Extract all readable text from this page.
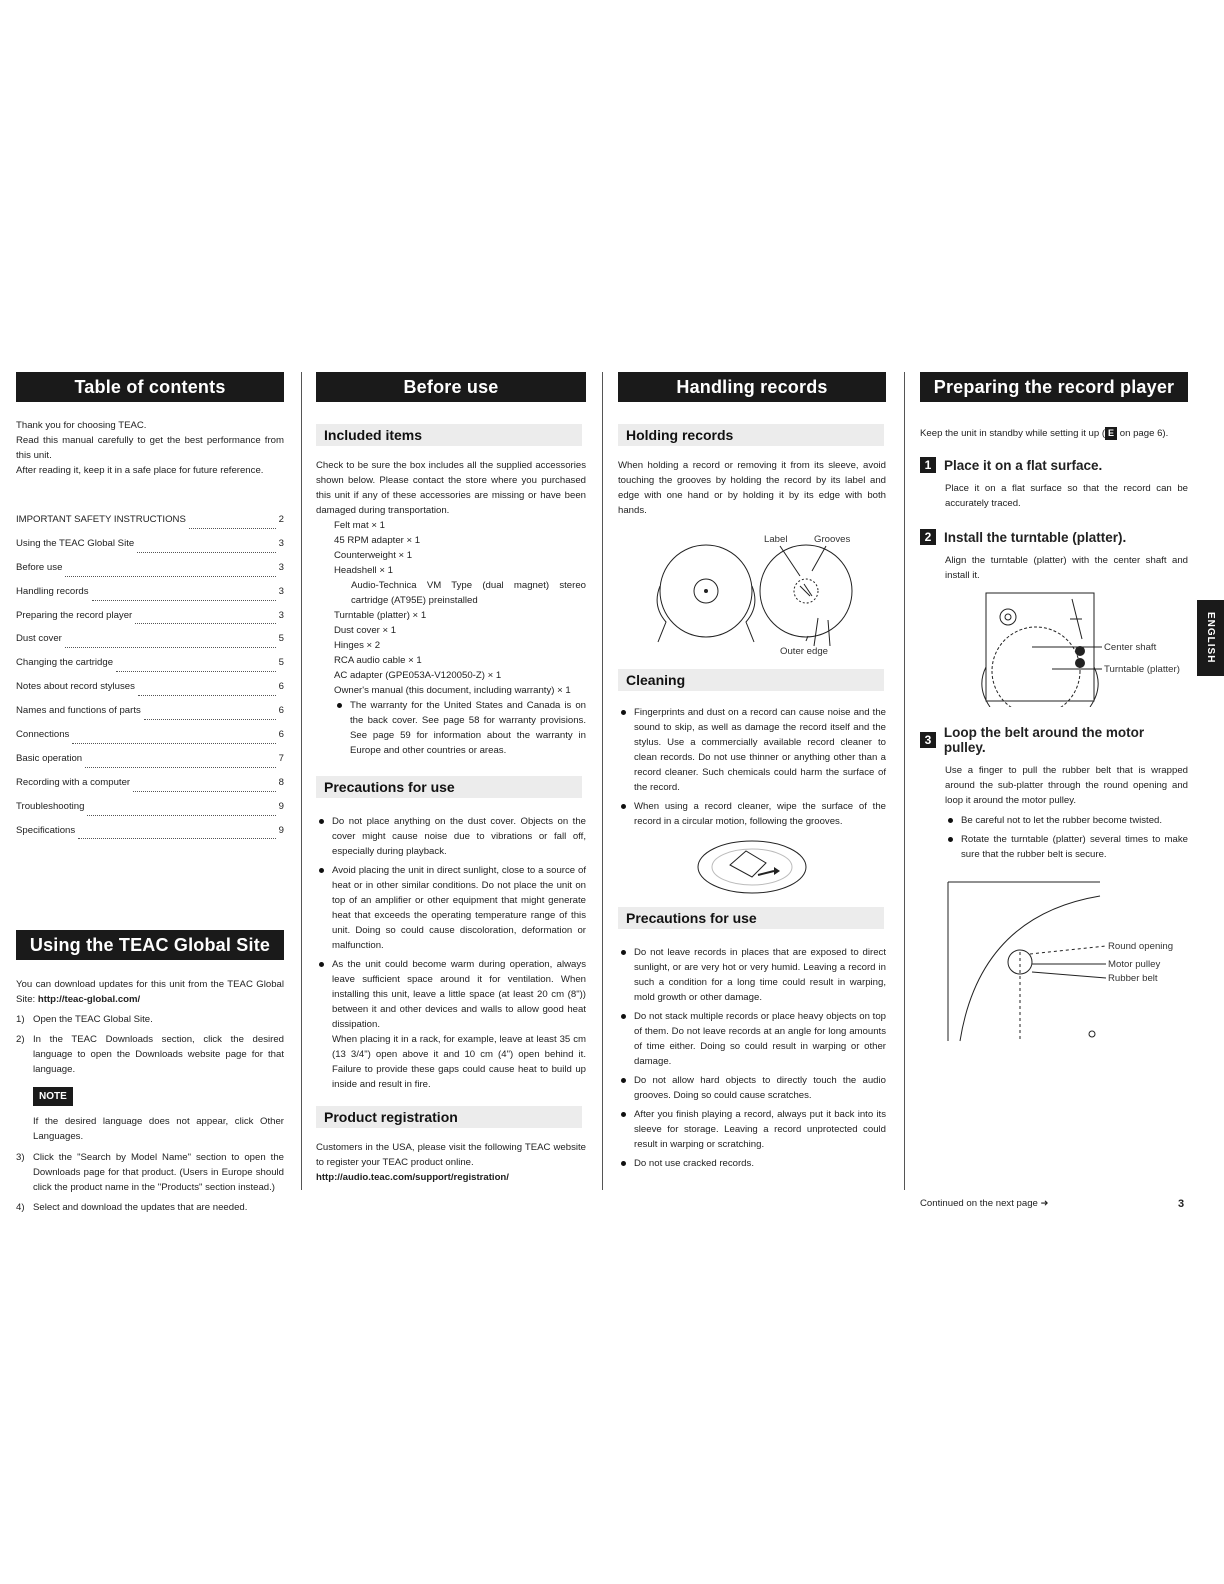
Table of contents

Thank you for choosing TEAC.

Read this manual carefully to get the best performance from this unit.

After reading it, keep it in a safe place for future reference.

IMPORTANT SAFETY INSTRUCTIONS	2
Using the TEAC Global Site	3
Before use	3
Handling records	3
Preparing the record player	3
Dust cover	5
Changing the cartridge	5
Notes about record styluses	6
Names and functions of parts	6
Connections	6
Basic operation	7
Recording with a computer	8
Troubleshooting	9
Specifications	9
Using the TEAC Global Site

You can download updates for this unit from the TEAC Global Site: http://teac-global.com/

1) Open the TEAC Global Site.
2) In the TEAC Downloads section, click the desired language to open the Downloads website page for that language.
NOTE
If the desired language does not appear, click Other Languages.
3) Click the "Search by Model Name" section to open the Downloads page for that product. (Users in Europe should click the product name in the "Products" section instead.)
4) Select and download the updates that are needed.
Before use
Included items

Check to be sure the box includes all the supplied accessories shown below. Please contact the store where you purchased this unit if any of these accessories are missing or have been damaged during transportation.

Felt mat × 1
45 RPM adapter × 1
Counterweight × 1
Headshell × 1
Audio-Technica VM Type (dual magnet) stereo cartridge (AT95E) preinstalled
Turntable (platter) × 1
Dust cover × 1
Hinges × 2
RCA audio cable × 1
AC adapter (GPE053A-V120050-Z) × 1
Owner's manual (this document, including warranty) × 1
The warranty for the United States and Canada is on the back cover. See page 58 for warranty provisions. See page 59 for information about the warranty in Europe and other countries or areas.
Precautions for use
Do not place anything on the dust cover. Objects on the cover might cause noise due to vibrations or fall off, especially during playback.
Avoid placing the unit in direct sunlight, close to a source of heat or in other similar conditions. Do not place the unit on top of an amplifier or other equipment that might generate heat that exceeds the operating temperature range of this unit. Doing so could cause discoloration, deformation or malfunction.
As the unit could become warm during operation, always leave sufficient space around it for ventilation. When installing this unit, leave a little space (at least 20 cm (8")) between it and other devices and walls to allow good heat dissipation.
When placing it in a rack, for example, leave at least 35 cm (13 3/4") open above it and 10 cm (4") open behind it. Failure to provide these gaps could cause heat to build up inside and result in fire.
Product registration

Customers in the USA, please visit the following TEAC website to register your TEAC product online.

http://audio.teac.com/support/registration/

Handling records
Holding records

When holding a record or removing it from its sleeve, avoid touching the grooves by holding the record by its label and edge with one hand or by holding it by its edge with both hands.

Label	Grooves
Outer edge
Cleaning
Fingerprints and dust on a record can cause noise and the sound to skip, as well as damage the record itself and the stylus. Use a commercially available record cleaner to clean records. Do not use thinner or anything other than a record cleaner. Such chemicals could harm the surface of the record.
When using a record cleaner, wipe the surface of the record in a circular motion, following the grooves.
Precautions for use
Do not leave records in places that are exposed to direct sunlight, or are very hot or very humid. Leaving a record in such a condition for a long time could result in warping, mold growth or other damage.
Do not stack multiple records or place heavy objects on top of them. Do not leave records at an angle for long amounts of time either. Doing so could result in warping or other damage.
Do not allow hard objects to directly touch the audio grooves. Doing so could cause scratches.
After you finish playing a record, always put it back into its sleeve for storage. Leaving a record unprotected could result in warping or scratching.
Do not use cracked records.
Preparing the record player

Keep the unit in standby while setting it up ( E on page 6).

1 Place it on a flat surface.

Place it on a flat surface so that the record can be accurately traced.

2 Install the turntable (platter).

Align the turntable (platter) with the center shaft and install it.

Center shaft
Turntable (platter)
3 Loop the belt around the motor pulley.

Use a finger to pull the rubber belt that is wrapped around the sub-platter through the round opening and loop it around the motor pulley.

Be careful not to let the rubber become twisted.
Rotate the turntable (platter) several times to make sure that the rubber belt is secure.
Round opening
Motor pulley
Rubber belt
ENGLISH
Continued on the next page ➜	3
